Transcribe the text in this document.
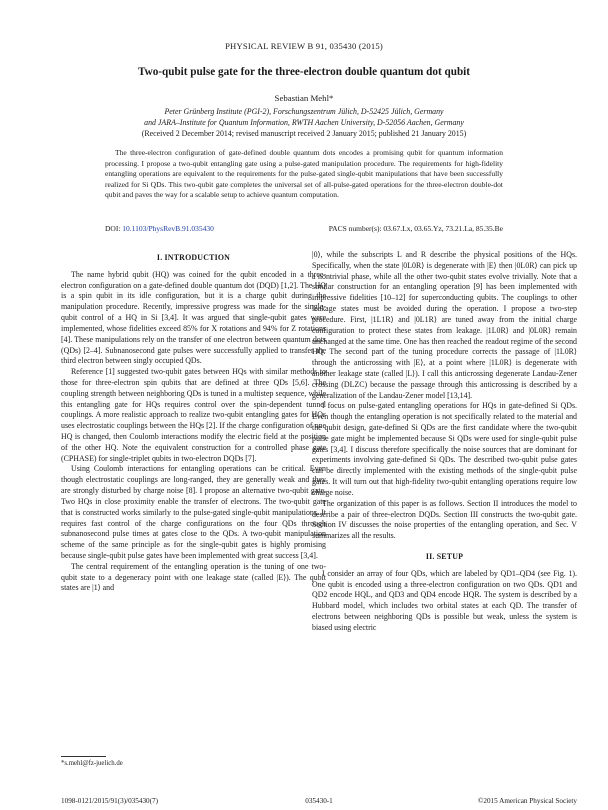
PHYSICAL REVIEW B 91, 035430 (2015)
Two-qubit pulse gate for the three-electron double quantum dot qubit
Sebastian Mehl*
Peter Grünberg Institute (PGI-2), Forschungszentrum Jülich, D-52425 Jülich, Germany
and JARA–Institute for Quantum Information, RWTH Aachen University, D-52056 Aachen, Germany
(Received 2 December 2014; revised manuscript received 2 January 2015; published 21 January 2015)
The three-electron configuration of gate-defined double quantum dots encodes a promising qubit for quantum information processing. I propose a two-qubit entangling gate using a pulse-gated manipulation procedure. The requirements for high-fidelity entangling operations are equivalent to the requirements for the pulse-gated single-qubit manipulations that have been successfully realized for Si QDs. This two-qubit gate completes the universal set of all-pulse-gated operations for the three-electron double-dot qubit and paves the way for a scalable setup to achieve quantum computation.
DOI: 10.1103/PhysRevB.91.035430	PACS number(s): 03.67.Lx, 03.65.Yz, 73.21.La, 85.35.Be
I. INTRODUCTION

The name hybrid qubit (HQ) was coined for the qubit encoded in a three-electron configuration on a gate-defined double quantum dot (DQD) [1,2]. The HQ is a spin qubit in its idle configuration, but it is a charge qubit during the manipulation procedure. Recently, impressive progress was made for the single-qubit control of a HQ in Si [3,4]. It was argued that single-qubit gates were implemented, whose fidelities exceed 85% for X rotations and 94% for Z rotations [4]. These manipulations rely on the transfer of one electron between quantum dots (QDs) [2–4]. Subnanosecond gate pulses were successfully applied to transfer the third electron between singly occupied QDs.

Reference [1] suggested two-qubit gates between HQs with similar methods to those for three-electron spin qubits that are defined at three QDs [5,6]. The coupling strength between neighboring QDs is tuned in a multistep sequence, while this entangling gate for HQs requires control over the spin-dependent tunnel couplings. A more realistic approach to realize two-qubit entangling gates for HQs uses electrostatic couplings between the HQs [2]. If the charge configuration of one HQ is changed, then Coulomb interactions modify the electric field at the position of the other HQ. Note the equivalent construction for a controlled phase gate (CPHASE) for single-triplet qubits in two-electron DQDs [7].

Using Coulomb interactions for entangling operations can be critical. Even though electrostatic couplings are long-ranged, they are generally weak and they are strongly disturbed by charge noise [8]. I propose an alternative two-qubit gate. Two HQs in close proximity enable the transfer of electrons. The two-qubit gate that is constructed works similarly to the pulse-gated single-qubit manipulations. It requires fast control of the charge configurations on the four QDs through subnanosecond pulse times at gates close to the QDs. A two-qubit manipulation scheme of the same principle as for the single-qubit gates is highly promising because single-qubit pulse gates have been implemented with great success [3,4].

The central requirement of the entangling operation is the tuning of one two-qubit state to a degeneracy point with one leakage state (called |E⟩). The qubit states are |1⟩ and

|0⟩, while the subscripts L and R describe the physical positions of the HQs. Specifically, when the state |0L0R⟩ is degenerate with |E⟩ then |0L0R⟩ can pick up a nontrivial phase, while all the other two-qubit states evolve trivially. Note that a similar construction for an entangling operation [9] has been implemented with impressive fidelities [10–12] for superconducting qubits. The couplings to other leakage states must be avoided during the operation. I propose a two-step procedure. First, |1L1R⟩ and |0L1R⟩ are tuned away from the initial charge configuration to protect these states from leakage. |1L0R⟩ and |0L0R⟩ remain unchanged at the same time. One has then reached the readout regime of the second HQ. The second part of the tuning procedure corrects the passage of |1L0R⟩ through the anticrossing with |E⟩, at a point where |1L0R⟩ is degenerate with another leakage state (called |L⟩). I call this anticrossing degenerate Landau-Zener crossing (DLZC) because the passage through this anticrossing is described by a generalization of the Landau-Zener model [13,14].

I focus on pulse-gated entangling operations for HQs in gate-defined Si QDs. Even though the entangling operation is not specifically related to the material and the qubit design, gate-defined Si QDs are the first candidate where the two-qubit pulse gate might be implemented because Si QDs were used for single-qubit pulse gates [3,4]. I discuss therefore specifically the noise sources that are dominant for experiments involving gate-defined Si QDs. The described two-qubit pulse gates can be directly implemented with the existing methods of the single-qubit pulse gates. It will turn out that high-fidelity two-qubit entangling operations require low charge noise.

The organization of this paper is as follows. Section II introduces the model to describe a pair of three-electron DQDs. Section III constructs the two-qubit gate. Section IV discusses the noise properties of the entangling operation, and Sec. V summarizes all the results.

II. SETUP

I consider an array of four QDs, which are labeled by QD1–QD4 (see Fig. 1). One qubit is encoded using a three-electron configuration on two QDs. QD1 and QD2 encode HQL, and QD3 and QD4 encode HQR. The system is described by a Hubbard model, which includes two orbital states at each QD. The transfer of electrons between neighboring QDs is possible but weak, unless the system is biased using electric

*s.mehl@fz-juelich.de
1098-0121/2015/91(3)/035430(7)	035430-1	©2015 American Physical Society
